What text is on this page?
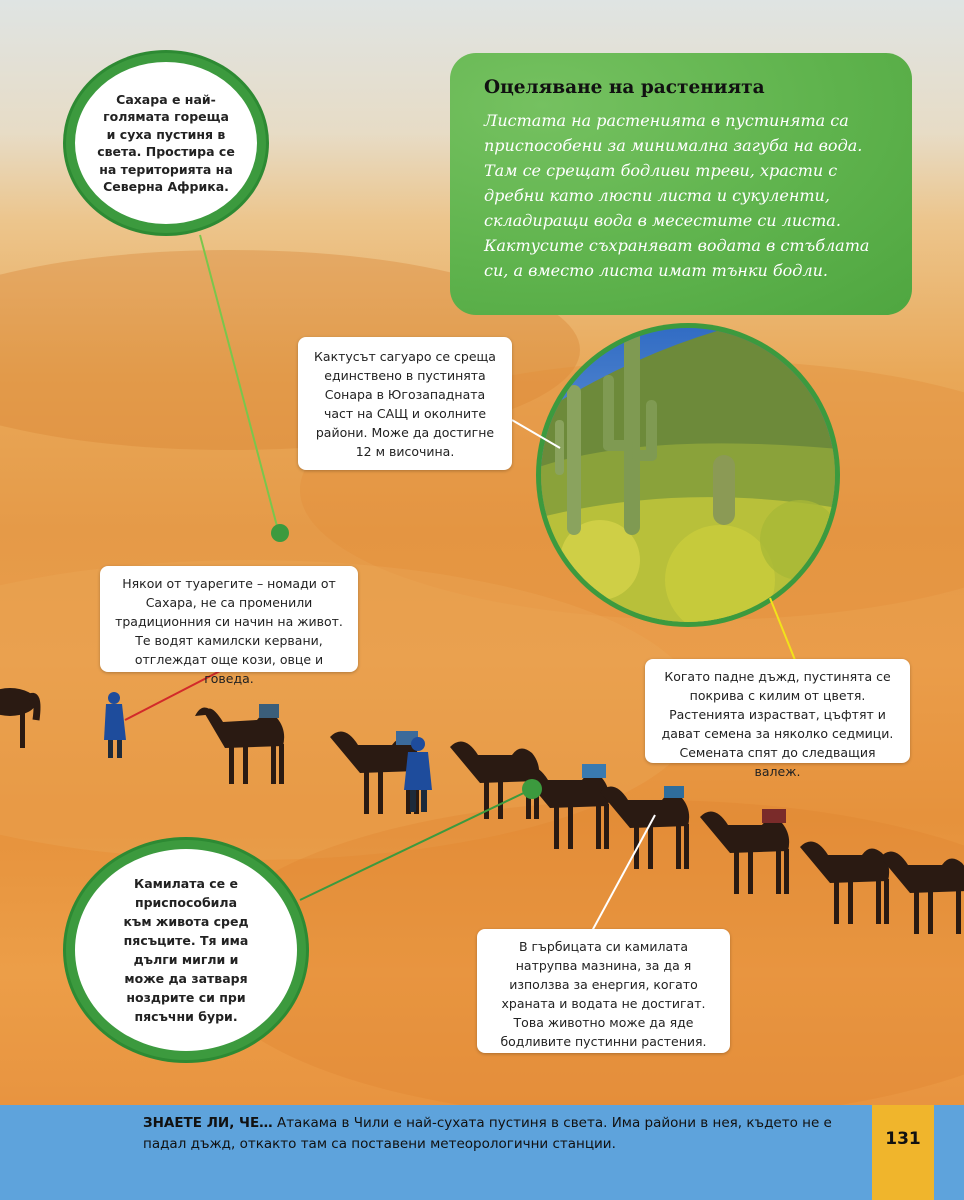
Оцеляване на растенията

Листата на растенията в пустинята са приспособени за минимална загуба на вода. Там се срещат бодливи треви, храсти с дребни като люспи листа и сукуленти, складиращи вода в месестите си листа. Кактусите съхраняват водата в стъблата си, а вместо листа имат тънки бодли.

Сахара е най-голямата гореща и суха пустиня в света. Простира се на територията на Северна Африка.
Камилата се е приспособила към живота сред пясъците. Тя има дълги мигли и може да затваря ноздрите си при пясъчни бури.
Кактусът сагуаро се среща единствено в пустинята Сонара в Югозападната част на САЩ и околните райони. Може да достигне 12 м височина.
Някои от туарегите – номади от Сахара, не са променили традиционния си начин на живот. Те водят камилски кервани, отглеждат още кози, овце и говеда.	Когато падне дъжд, пустинята се покрива с килим от цветя. Растенията израстват, цъфтят и дават семена за няколко седмици. Семената спят до следващия валеж.
В гърбицата си камилата натрупва мазнина, за да я използва за енергия, когато храната и водата не достигат. Това животно може да яде бодливите пустинни растения.
ЗНАЕТЕ ЛИ, ЧЕ… Атакама в Чили е най-сухата пустиня в света. Има райони в нея, където не е падал дъжд, откакто там са поставени метеорологични станции.	131
